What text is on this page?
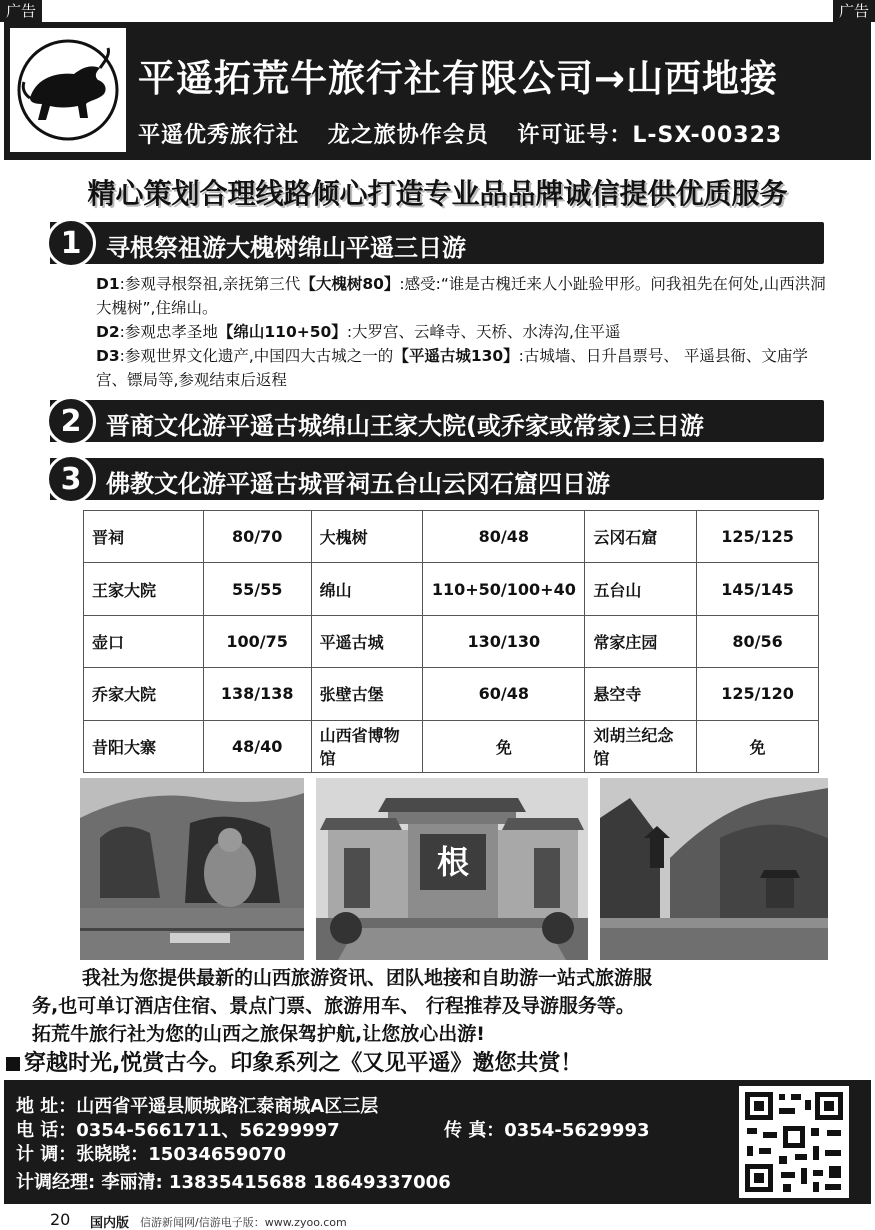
广告	广告
平遥拓荒牛旅行社有限公司→山西地接
平遥优秀旅行社 龙之旅协作会员 许可证号：L-SX-00323
精心策划合理线路倾心打造专业品品牌诚信提供优质服务
1	寻根祭祖游大槐树绵山平遥三日游

D1:参观寻根祭祖,亲抚第三代【大槐树80】:感受:“谁是古槐迁来人小趾验甲形。问我祖先在何处,山西洪洞大槐树”,住绵山。

D2:参观忠孝圣地【绵山110+50】:大罗宫、云峰寺、天桥、水涛沟,住平遥

D3:参观世界文化遗产,中国四大古城之一的【平遥古城130】:古城墙、日升昌票号、 平遥县衙、文庙学宫、镖局等,参观结束后返程

2	晋商文化游平遥古城绵山王家大院(或乔家或常家)三日游
3	佛教文化游平遥古城晋祠五台山云冈石窟四日游
晋祠	80/70	大槐树	80/48	云冈石窟	125/125
王家大院	55/55	绵山	110+50/100+40	五台山	145/145
壶口	100/75	平遥古城	130/130	常家庄园	80/56
乔家大院	138/138	张壁古堡	60/48	悬空寺	125/120
昔阳大寨	48/40	山西省博物馆	免	刘胡兰纪念馆	免
根

我社为您提供最新的山西旅游资讯、团队地接和自助游一站式旅游服

务,也可单订酒店住宿、景点门票、旅游用车、 行程推荐及导游服务等。

拓荒牛旅行社为您的山西之旅保驾护航,让您放心出游!

穿越时光,悦赏古今。印象系列之《又见平遥》邀您共赏！
地 址：山西省平遥县顺城路汇泰商城A区三层
电 话：0354-5661711、56299997	传 真：0354-5629993
计 调：张晓晓：15034659070
计调经理: 李丽清: 13835415688 18649337006
20 国内版 信游新闻网/信游电子版：www.zyoo.com
